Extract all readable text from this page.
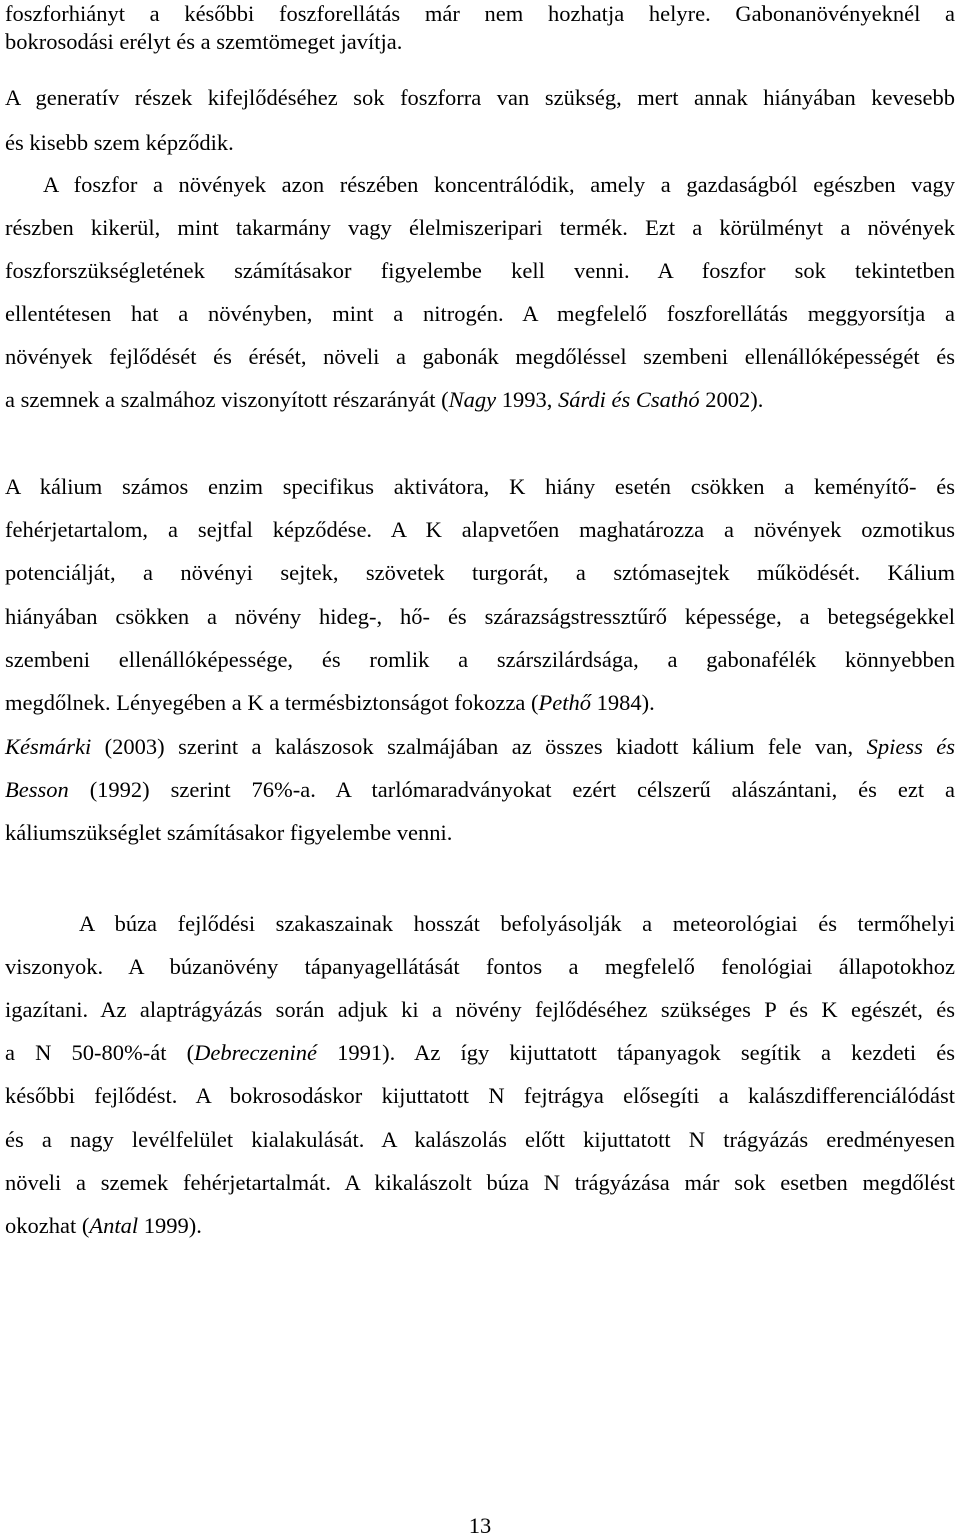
foszforhiányt a későbbi foszforellátás már nem hozhatja helyre. Gabonanövényeknél a
bokrosodási erélyt és a szemtömeget javítja.
A generatív részek kifejlődéséhez sok foszforra van szükség, mert annak hiányában kevesebb
és kisebb szem képződik.
A foszfor a növények azon részében koncentrálódik, amely a gazdaságból egészben vagy
részben kikerül, mint takarmány vagy élelmiszeripari termék. Ezt a körülményt a növények
foszforszükségletének számításakor figyelembe kell venni. A foszfor sok tekintetben
ellentétesen hat a növényben, mint a nitrogén. A megfelelő foszforellátás meggyorsítja a
növények fejlődését és érését, növeli a gabonák megdőléssel szembeni ellenállóképességét és
a szemnek a szalmához viszonyított részarányát (Nagy 1993, Sárdi és Csathó 2002).
A kálium számos enzim specifikus aktivátora, K hiány esetén csökken a keményítő- és
fehérjetartalom, a sejtfal képződése. A K alapvetően maghatározza a növények ozmotikus
potenciálját, a növényi sejtek, szövetek turgorát, a sztómasejtek működését. Kálium
hiányában csökken a növény hideg-, hő- és szárazságstressztűrő képessége, a betegségekkel
szembeni ellenállóképessége, és romlik a szárszilárdsága, a gabonafélék könnyebben
megdőlnek. Lényegében a K a termésbiztonságot fokozza (Pethő 1984).
Késmárki (2003) szerint a kalászosok szalmájában az összes kiadott kálium fele van, Spiess és
Besson (1992) szerint 76%-a. A tarlómaradványokat ezért célszerű alászántani, és ezt a
káliumszükséglet számításakor figyelembe venni.
A búza fejlődési szakaszainak hosszát befolyásolják a meteorológiai és termőhelyi
viszonyok. A búzanövény tápanyagellátását fontos a megfelelő fenológiai állapotokhoz
igazítani. Az alaptrágyázás során adjuk ki a növény fejlődéséhez szükséges P és K egészét, és
a N 50-80%-át (Debreczeniné 1991). Az így kijuttatott tápanyagok segítik a kezdeti és
későbbi fejlődést. A bokrosodáskor kijuttatott N fejtrágya elősegíti a kalászdifferenciálódást
és a nagy levélfelület kialakulását. A kalászolás előtt kijuttatott N trágyázás eredményesen
növeli a szemek fehérjetartalmát. A kikalászolt búza N trágyázása már sok esetben megdőlést
okozhat (Antal 1999).
13
